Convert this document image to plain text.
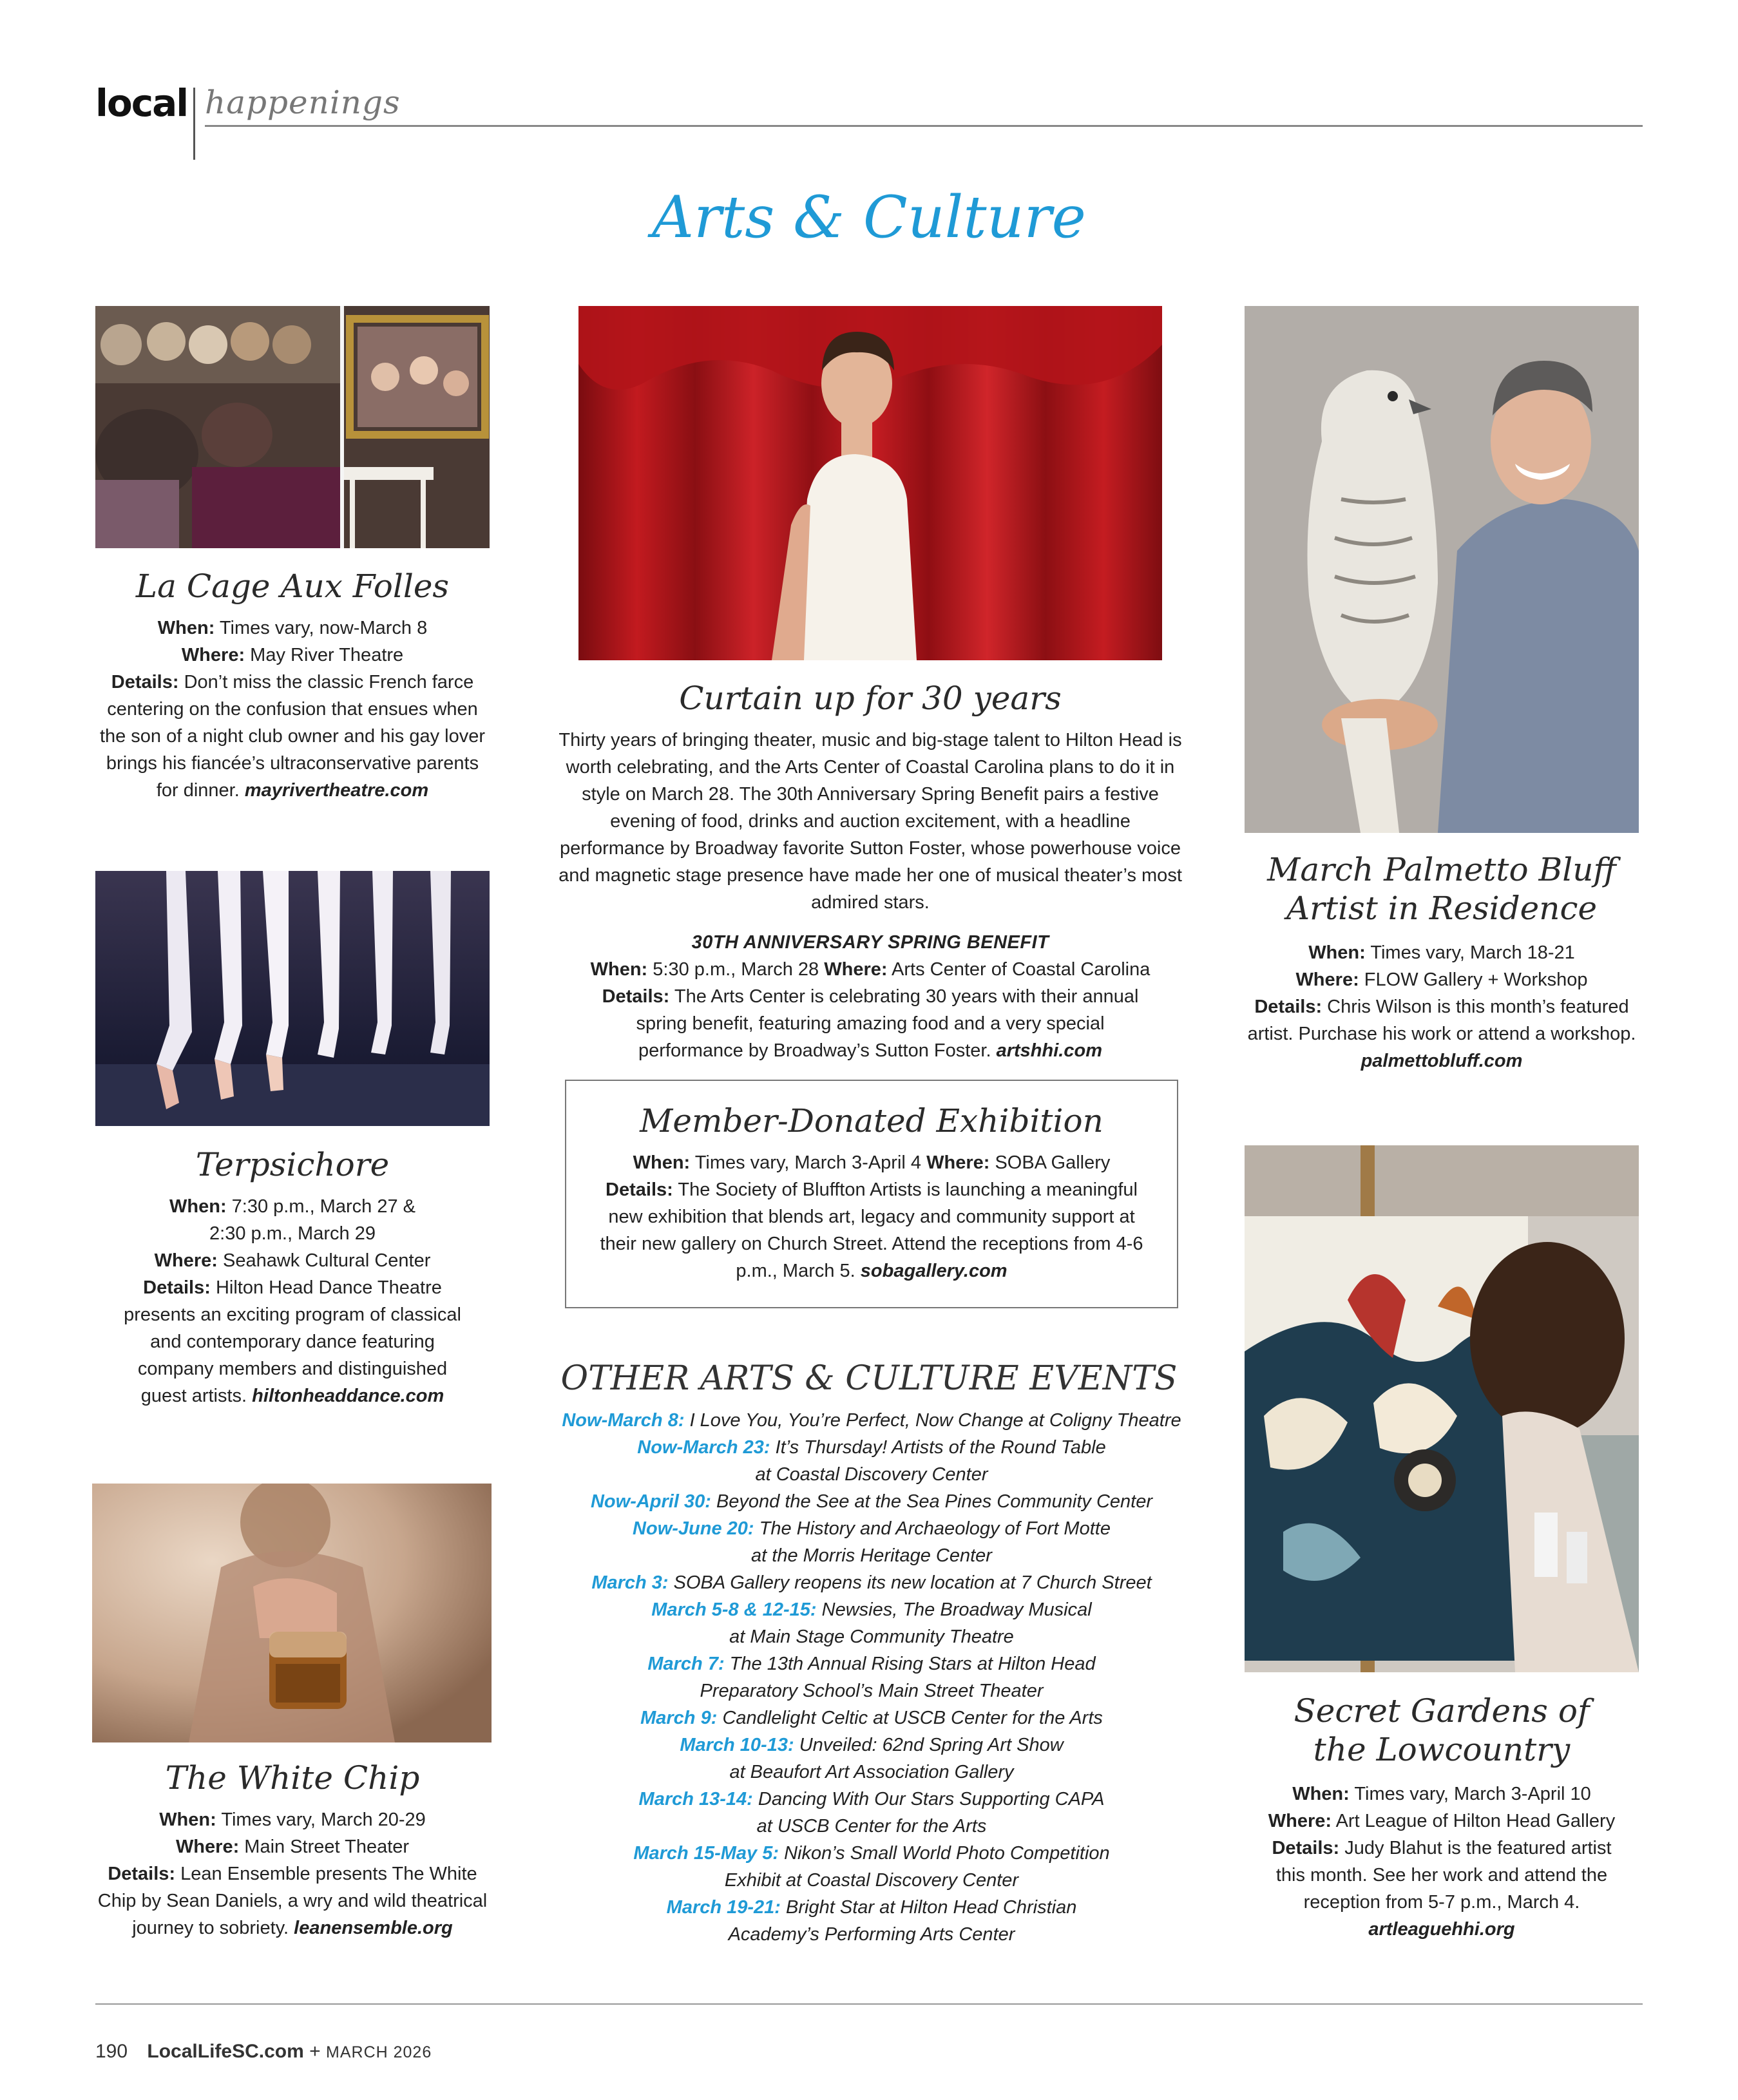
local happenings
Arts & Culture
La Cage Aux Folles

When: Times vary, now-March 8

Where: May River Theatre

Details: Don’t miss the classic French farce centering on the confusion that ensues when the son of a night club owner and his gay lover brings his fiancée’s ultraconservative parents for dinner. mayrivertheatre.com

Curtain up for 30 years

Thirty years of bringing theater, music and big-stage talent to Hilton Head is worth celebrating, and the Arts Center of Coastal Carolina plans to do it in style on March 28. The 30th Anniversary Spring Benefit pairs a festive evening of food, drinks and auction excitement, with a headline performance by Broadway favorite Sutton Foster, whose powerhouse voice and magnetic stage presence have made her one of musical theater’s most admired stars.

30TH ANNIVERSARY SPRING BENEFIT

When: 5:30 p.m., March 28 Where: Arts Center of Coastal Carolina

Details: The Arts Center is celebrating 30 years with their annual spring benefit, featuring amazing food and a very special performance by Broadway’s Sutton Foster. artshhi.com

March Palmetto Bluff
Artist in Residence

When: Times vary, March 18-21

Where: FLOW Gallery + Workshop

Details: Chris Wilson is this month’s featured artist. Purchase his work or attend a workshop. palmettobluff.com

Terpsichore

When: 7:30 p.m., March 27 &

2:30 p.m., March 29

Where: Seahawk Cultural Center

Details: Hilton Head Dance Theatre presents an exciting program of classical and contemporary dance featuring company members and distinguished guest artists. hiltonheaddance.com

Member-Donated Exhibition

When: Times vary, March 3-April 4 Where: SOBA Gallery

Details: The Society of Bluffton Artists is launching a meaningful new exhibition that blends art, legacy and community support at their new gallery on Church Street. Attend the receptions from 4-6 p.m., March 5. sobagallery.com

OTHER ARTS & CULTURE EVENTS
Now-March 8: I Love You, You’re Perfect, Now Change at Coligny Theatre
Now-March 23: It’s Thursday! Artists of the Round Table
at Coastal Discovery Center
Now-April 30: Beyond the See at the Sea Pines Community Center
Now-June 20: The History and Archaeology of Fort Motte
at the Morris Heritage Center
March 3: SOBA Gallery reopens its new location at 7 Church Street
March 5-8 & 12-15: Newsies, The Broadway Musical
at Main Stage Community Theatre
March 7: The 13th Annual Rising Stars at Hilton Head
Preparatory School’s Main Street Theater
March 9: Candlelight Celtic at USCB Center for the Arts
March 10-13: Unveiled: 62nd Spring Art Show
at Beaufort Art Association Gallery
March 13-14: Dancing With Our Stars Supporting CAPA
at USCB Center for the Arts
March 15-May 5: Nikon’s Small World Photo Competition
Exhibit at Coastal Discovery Center
March 19-21: Bright Star at Hilton Head Christian
Academy’s Performing Arts Center
The White Chip

When: Times vary, March 20-29

Where: Main Street Theater

Details: Lean Ensemble presents The White Chip by Sean Daniels, a wry and wild theatrical journey to sobriety. leanensemble.org

Secret Gardens of
the Lowcountry

When: Times vary, March 3-April 10

Where: Art League of Hilton Head Gallery

Details: Judy Blahut is the featured artist this month. See her work and attend the reception from 5-7 p.m., March 4.

artleaguehhi.org

190 LocalLifeSC.com + MARCH 2026
